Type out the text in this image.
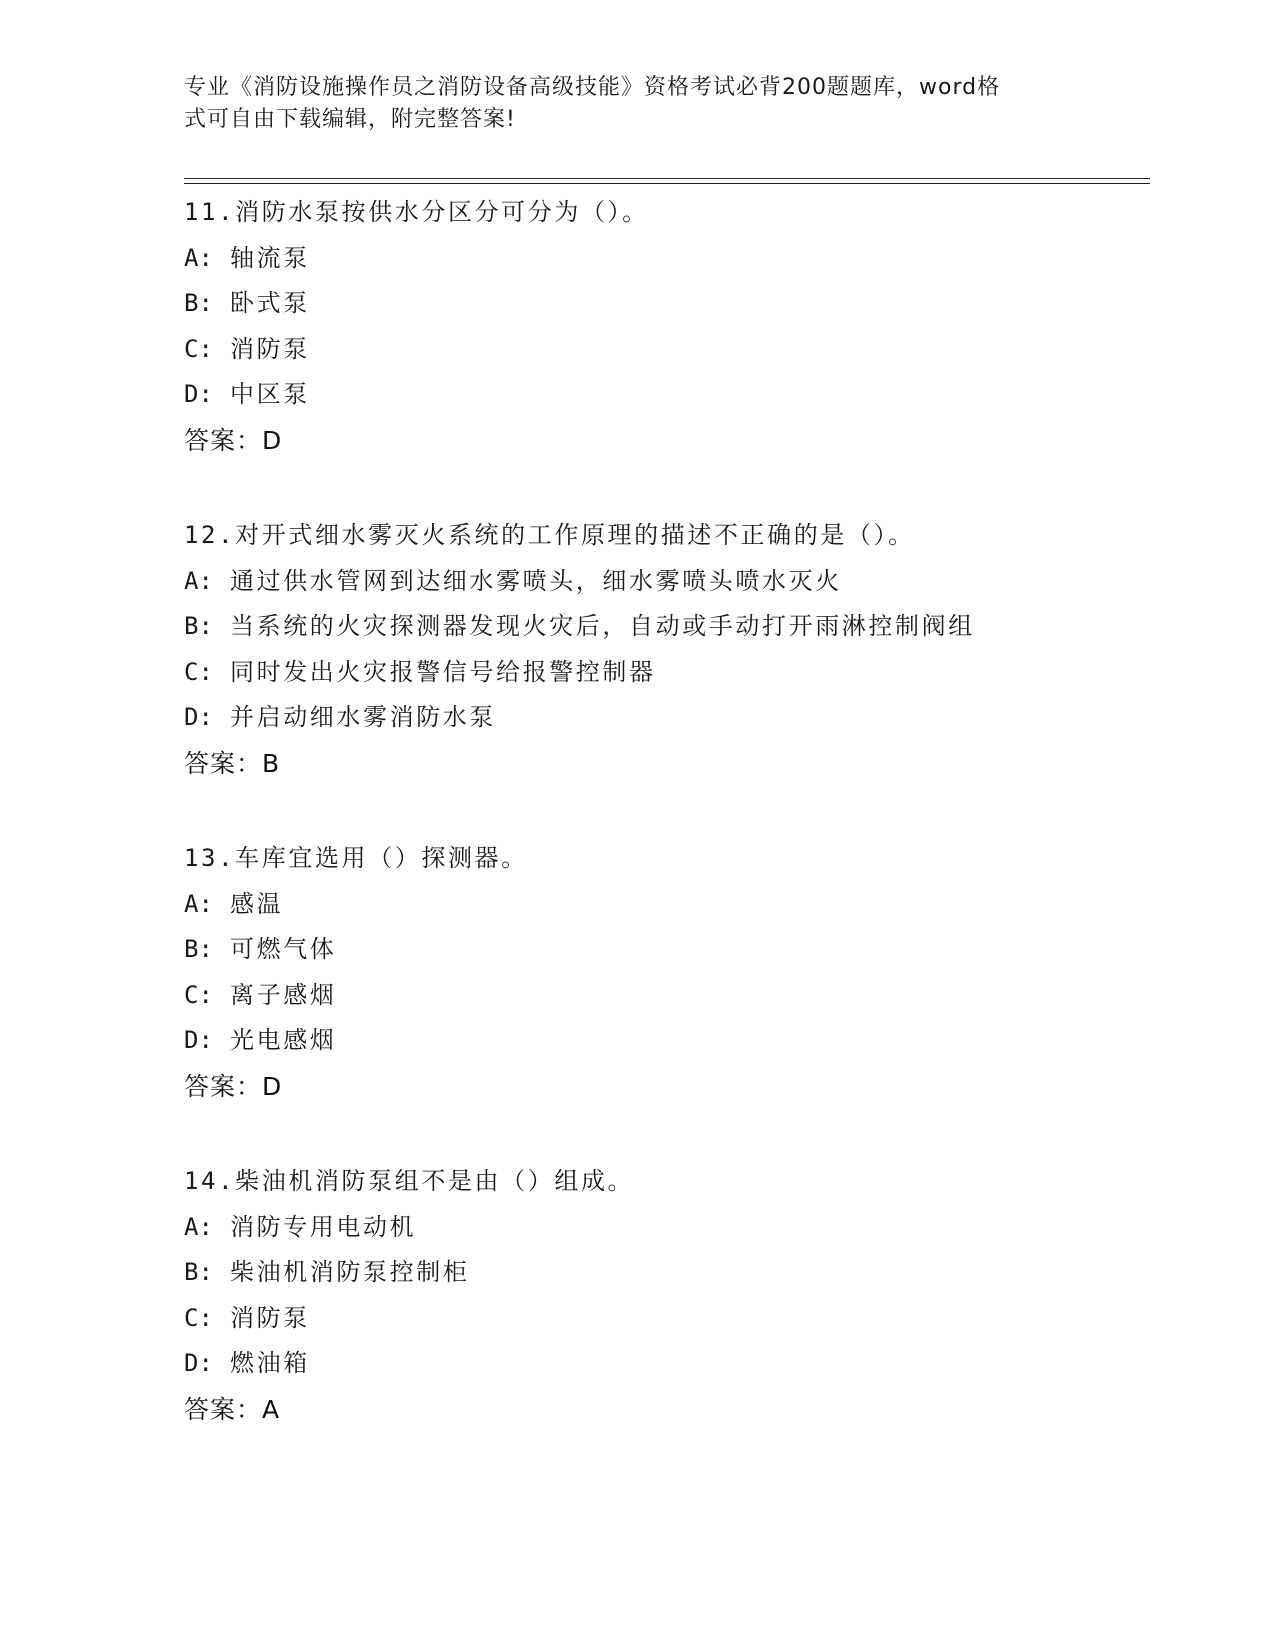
专业《消防设施操作员之消防设备高级技能》资格考试必背200题题库，word格
式可自由下载编辑，附完整答案!
11.消防水泵按供水分区分可分为（）。
A: 轴流泵
B: 卧式泵
C: 消防泵
D: 中区泵
答案：D
12.对开式细水雾灭火系统的工作原理的描述不正确的是（）。
A: 通过供水管网到达细水雾喷头，细水雾喷头喷水灭火
B: 当系统的火灾探测器发现火灾后，自动或手动打开雨淋控制阀组
C: 同时发出火灾报警信号给报警控制器
D: 并启动细水雾消防水泵
答案：B
13.车库宜选用（）探测器。
A: 感温
B: 可燃气体
C: 离子感烟
D: 光电感烟
答案：D
14.柴油机消防泵组不是由（）组成。
A: 消防专用电动机
B: 柴油机消防泵控制柜
C: 消防泵
D: 燃油箱
答案：A
